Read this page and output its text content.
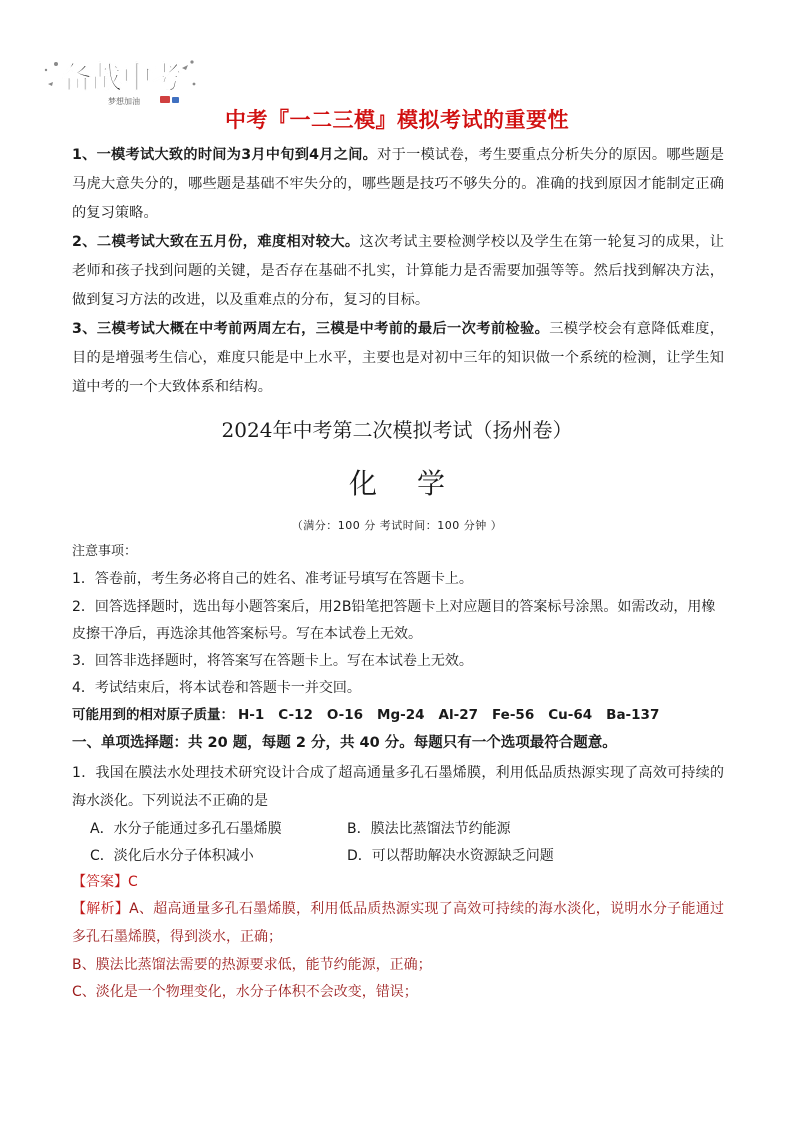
备战中考
梦想加油
中考『一二三模』模拟考试的重要性

1、一模考试大致的时间为3月中旬到4月之间。对于一模试卷，考生要重点分析失分的原因。哪些题是马虎大意失分的，哪些题是基础不牢失分的，哪些题是技巧不够失分的。准确的找到原因才能制定正确的复习策略。

2、二模考试大致在五月份，难度相对较大。这次考试主要检测学校以及学生在第一轮复习的成果，让老师和孩子找到问题的关键，是否存在基础不扎实，计算能力是否需要加强等等。然后找到解决方法，做到复习方法的改进，以及重难点的分布，复习的目标。

3、三模考试大概在中考前两周左右，三模是中考前的最后一次考前检验。三模学校会有意降低难度，目的是增强考生信心，难度只能是中上水平，主要也是对初中三年的知识做一个系统的检测，让学生知道中考的一个大致体系和结构。

2024年中考第二次模拟考试（扬州卷）
化 学
（满分：100 分 考试时间：100 分钟 ）
注意事项：
1．答卷前，考生务必将自己的姓名、准考证号填写在答题卡上。
2．回答选择题时，选出每小题答案后，用2B铅笔把答题卡上对应题目的答案标号涂黑。如需改动，用橡
皮擦干净后，再选涂其他答案标号。写在本试卷上无效。
3．回答非选择题时，将答案写在答题卡上。写在本试卷上无效。
4．考试结束后，将本试卷和答题卡一并交回。
可能用到的相对原子质量： H-1 C-12 O-16 Mg-24 Al-27 Fe-56 Cu-64 Ba-137
一、单项选择题：共 20 题，每题 2 分，共 40 分。每题只有一个选项最符合题意。

1．我国在膜法水处理技术研究设计合成了超高通量多孔石墨烯膜，利用低品质热源实现了高效可持续的海水淡化。下列说法不正确的是

A．水分子能通过多孔石墨烯膜	B．膜法比蒸馏法节约能源
C．淡化后水分子体积减小	D．可以帮助解决水资源缺乏问题
【答案】C

【解析】A、超高通量多孔石墨烯膜，利用低品质热源实现了高效可持续的海水淡化，说明水分子能通过多孔石墨烯膜，得到淡水，正确；

B、膜法比蒸馏法需要的热源要求低，能节约能源，正确；
C、淡化是一个物理变化，水分子体积不会改变，错误；
